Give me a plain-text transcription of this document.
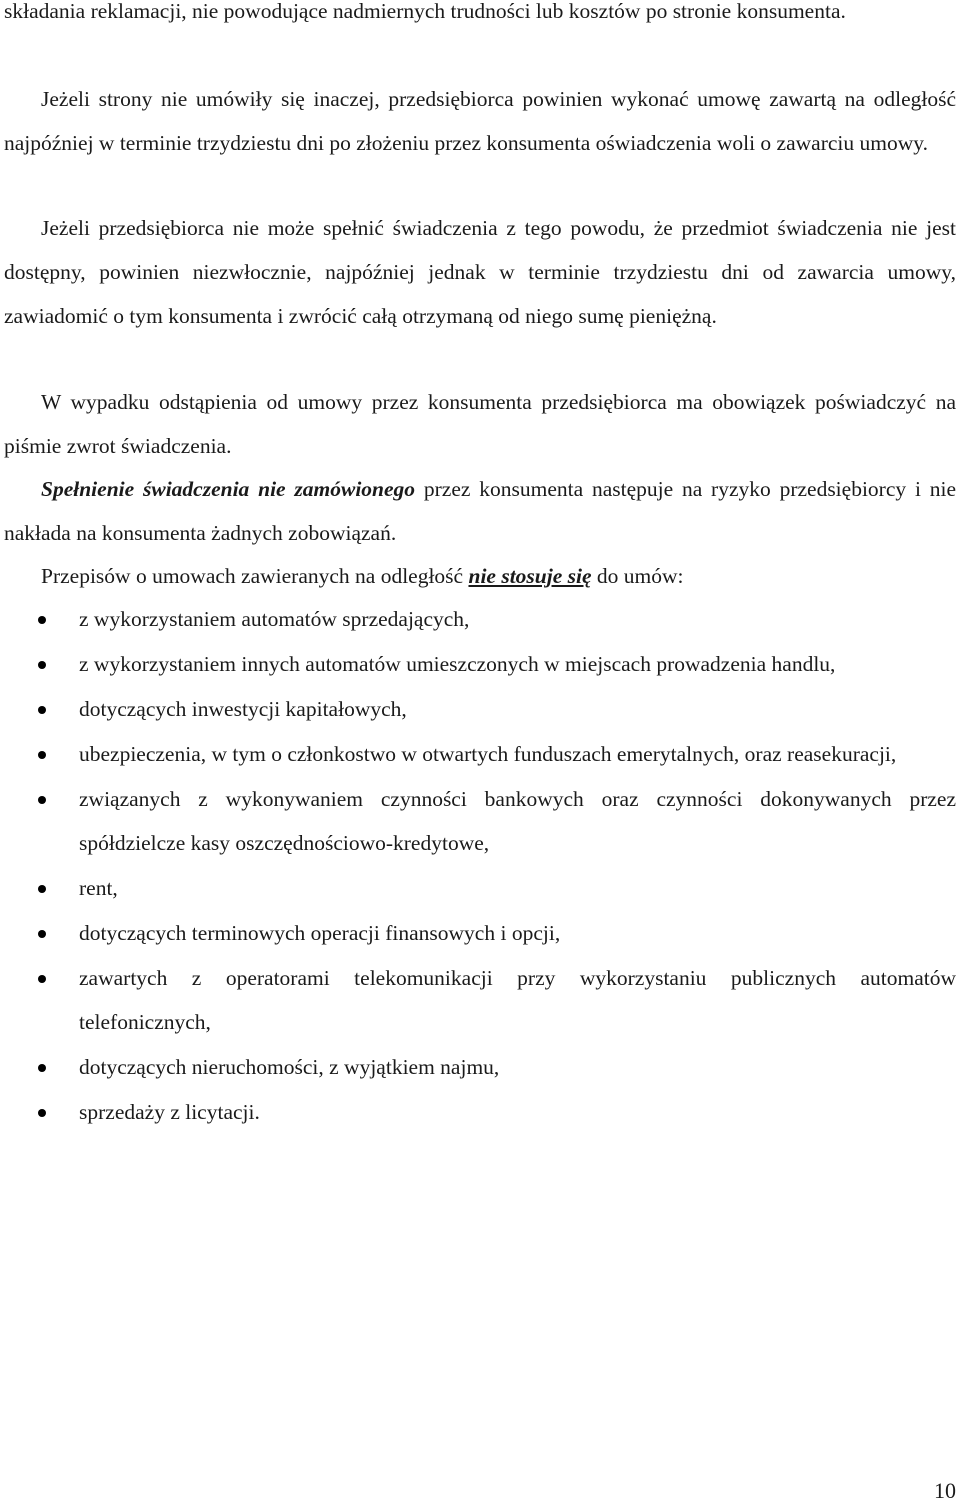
składania reklamacji, nie powodujące nadmiernych trudności lub kosztów po stronie konsumenta.
Jeżeli strony nie umówiły się inaczej, przedsiębiorca powinien wykonać umowę zawartą na odległość najpóźniej w terminie trzydziestu dni po złożeniu przez konsumenta oświadczenia woli o zawarciu umowy.
Jeżeli przedsiębiorca nie może spełnić świadczenia z tego powodu, że przedmiot świadczenia nie jest dostępny, powinien niezwłocznie, najpóźniej jednak w terminie trzydziestu dni od zawarcia umowy, zawiadomić o tym konsumenta i zwrócić całą otrzymaną od niego sumę pieniężną.
W wypadku odstąpienia od umowy przez konsumenta przedsiębiorca ma obowiązek poświadczyć na piśmie zwrot świadczenia.
Spełnienie świadczenia nie zamówionego przez konsumenta następuje na ryzyko przedsiębiorcy i nie nakłada na konsumenta żadnych zobowiązań.
Przepisów o umowach zawieranych na odległość nie stosuje się do umów:
z wykorzystaniem automatów sprzedających,
z wykorzystaniem innych automatów umieszczonych w miejscach prowadzenia handlu,
dotyczących inwestycji kapitałowych,
ubezpieczenia, w tym o członkostwo w otwartych funduszach emerytalnych, oraz reasekuracji,
związanych z wykonywaniem czynności bankowych oraz czynności dokonywanych przez spółdzielcze kasy oszczędnościowo-kredytowe,
rent,
dotyczących terminowych operacji finansowych i opcji,
zawartych z operatorami telekomunikacji przy wykorzystaniu publicznych automatów telefonicznych,
dotyczących nieruchomości, z wyjątkiem najmu,
sprzedaży z licytacji.
10
